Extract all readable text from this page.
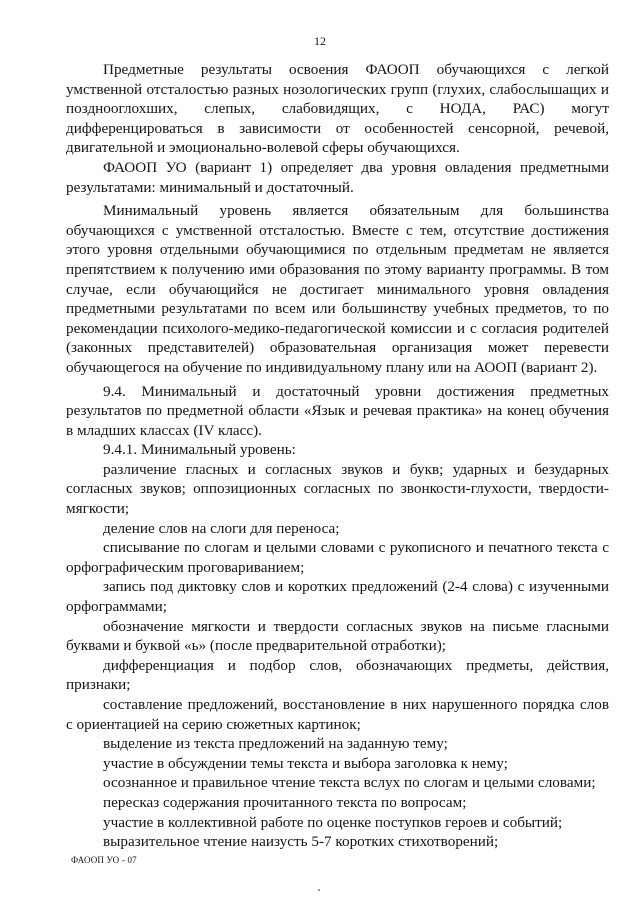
12

Предметные результаты освоения ФАООП обучающихся с легкой умственной отсталостью разных нозологических групп (глухих, слабослышащих и позднооглохших, слепых, слабовидящих, с НОДА, РАС) могут дифференцироваться в зависимости от особенностей сенсорной, речевой, двигательной и эмоционально-волевой сферы обучающихся.

ФАООП УО (вариант 1) определяет два уровня овладения предметными результатами: минимальный и достаточный.

Минимальный уровень является обязательным для большинства обучающихся с умственной отсталостью. Вместе с тем, отсутствие достижения этого уровня отдельными обучающимися по отдельным предметам не является препятствием к получению ими образования по этому варианту программы. В том случае, если обучающийся не достигает минимального уровня овладения предметными результатами по всем или большинству учебных предметов, то по рекомендации психолого-медико-педагогической комиссии и с согласия родителей (законных представителей) образовательная организация может перевести обучающегося на обучение по индивидуальному плану или на АООП (вариант 2).

9.4. Минимальный и достаточный уровни достижения предметных результатов по предметной области «Язык и речевая практика» на конец обучения в младших классах (IV класс).

9.4.1. Минимальный уровень:

различение гласных и согласных звуков и букв; ударных и безударных согласных звуков; оппозиционных согласных по звонкости-глухости, твердости-мягкости;

деление слов на слоги для переноса;

списывание по слогам и целыми словами с рукописного и печатного текста с орфографическим проговариванием;

запись под диктовку слов и коротких предложений (2-4 слова) с изученными орфограммами;

обозначение мягкости и твердости согласных звуков на письме гласными буквами и буквой «ь» (после предварительной отработки);

дифференциация и подбор слов, обозначающих предметы, действия, признаки;

составление предложений, восстановление в них нарушенного порядка слов с ориентацией на серию сюжетных картинок;

выделение из текста предложений на заданную тему;

участие в обсуждении темы текста и выбора заголовка к нему;

осознанное и правильное чтение текста вслух по слогам и целыми словами;

пересказ содержания прочитанного текста по вопросам;

участие в коллективной работе по оценке поступков героев и событий;

выразительное чтение наизусть 5-7 коротких стихотворений;

ФАООП УО - 07
